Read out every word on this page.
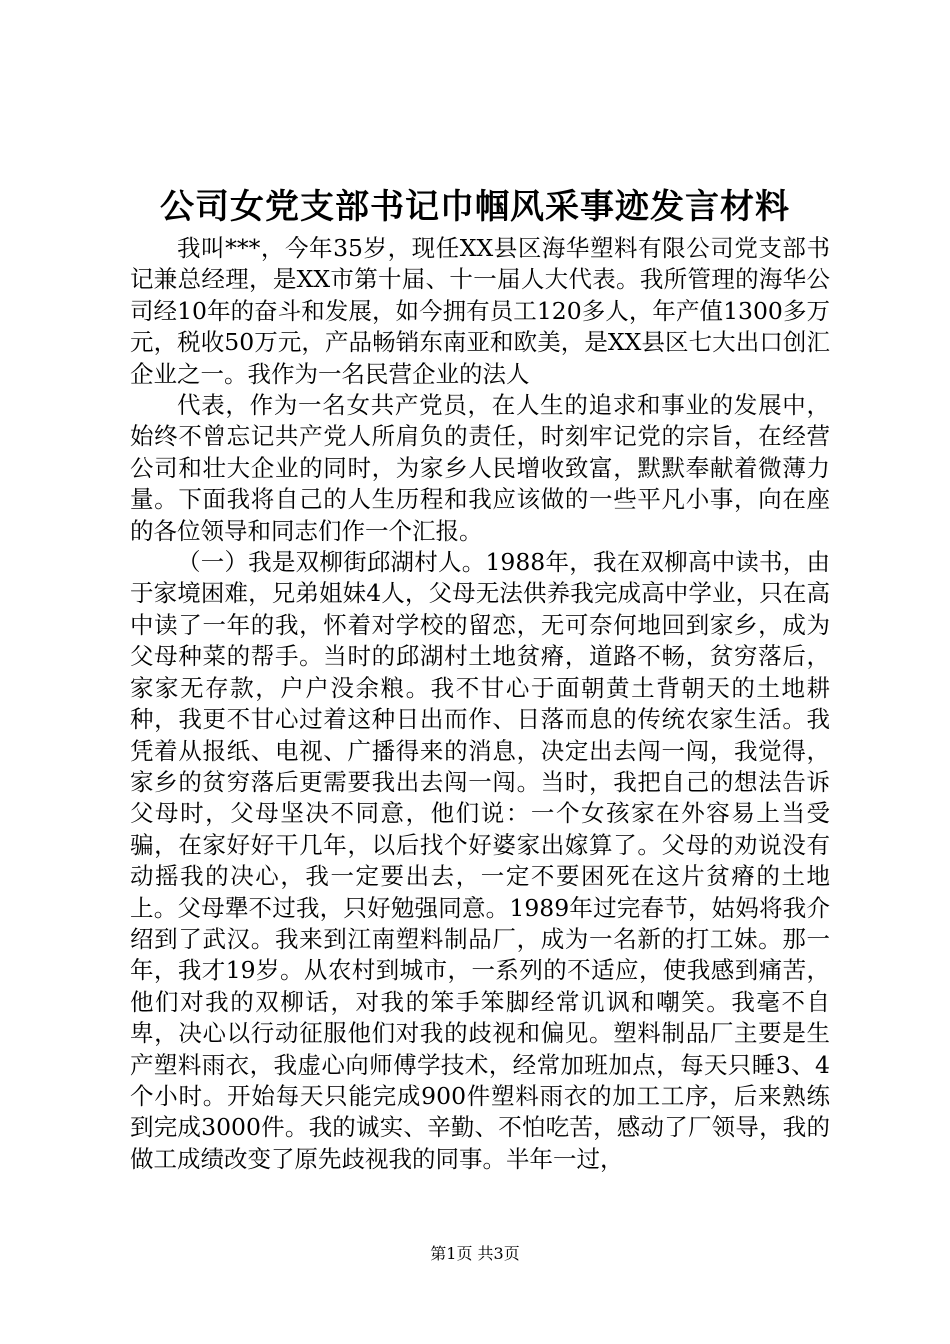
公司女党支部书记巾帼风采事迹发言材料

我叫***，今年35岁，现任XX县区海华塑料有限公司党支部书记兼总经理，是XX市第十届、十一届人大代表。我所管理的海华公司经10年的奋斗和发展，如今拥有员工120多人，年产值1300多万元，税收50万元，产品畅销东南亚和欧美，是XX县区七大出口创汇企业之一。我作为一名民营企业的法人

代表，作为一名女共产党员，在人生的追求和事业的发展中，始终不曾忘记共产党人所肩负的责任，时刻牢记党的宗旨，在经营公司和壮大企业的同时，为家乡人民增收致富，默默奉献着微薄力量。下面我将自己的人生历程和我应该做的一些平凡小事，向在座的各位领导和同志们作一个汇报。

（一）我是双柳街邱湖村人。1988年，我在双柳高中读书，由于家境困难，兄弟姐妹4人，父母无法供养我完成高中学业，只在高中读了一年的我，怀着对学校的留恋，无可奈何地回到家乡，成为父母种菜的帮手。当时的邱湖村土地贫瘠，道路不畅，贫穷落后，家家无存款，户户没余粮。我不甘心于面朝黄土背朝天的土地耕种，我更不甘心过着这种日出而作、日落而息的传统农家生活。我凭着从报纸、电视、广播得来的消息，决定出去闯一闯，我觉得，家乡的贫穷落后更需要我出去闯一闯。当时，我把自己的想法告诉父母时，父母坚决不同意，他们说：一个女孩家在外容易上当受骗，在家好好干几年，以后找个好婆家出嫁算了。父母的劝说没有动摇我的决心，我一定要出去，一定不要困死在这片贫瘠的土地上。父母犟不过我，只好勉强同意。1989年过完春节，姑妈将我介绍到了武汉。我来到江南塑料制品厂，成为一名新的打工妹。那一年，我才19岁。从农村到城市，一系列的不适应，使我感到痛苦，他们对我的双柳话，对我的笨手笨脚经常讥讽和嘲笑。我毫不自卑，决心以行动征服他们对我的歧视和偏见。塑料制品厂主要是生产塑料雨衣，我虚心向师傅学技术，经常加班加点，每天只睡3、4个小时。开始每天只能完成900件塑料雨衣的加工工序，后来熟练到完成3000件。我的诚实、辛勤、不怕吃苦，感动了厂领导，我的做工成绩改变了原先歧视我的同事。半年一过，

第1页 共3页
